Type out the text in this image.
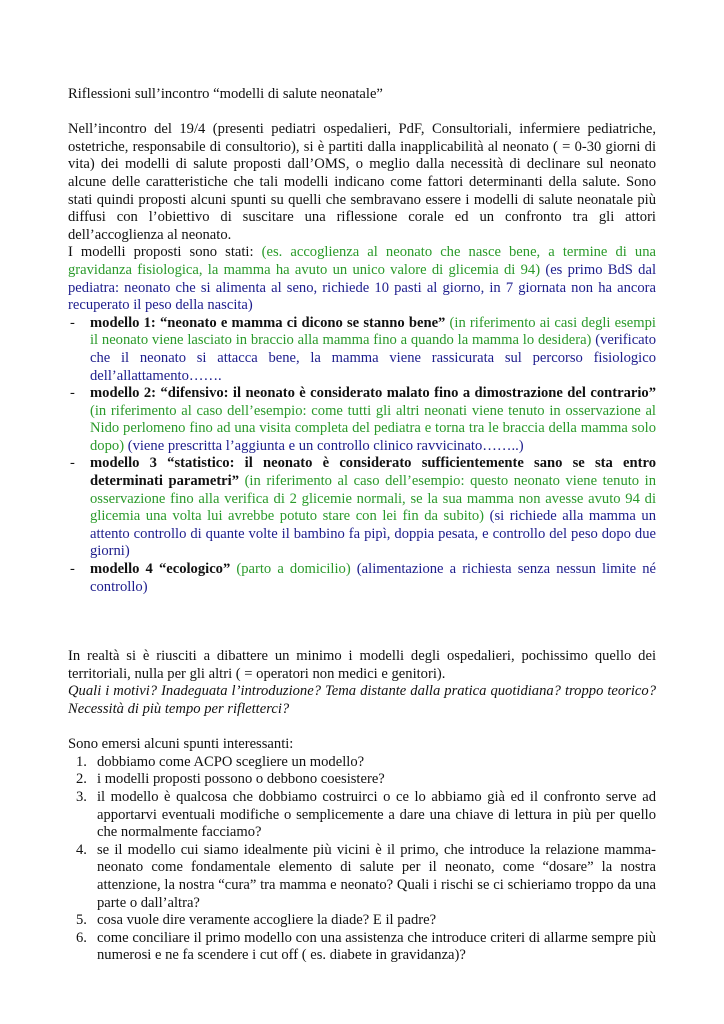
Riflessioni sull’incontro “modelli di salute neonatale”

Nell’incontro del 19/4 (presenti pediatri ospedalieri, PdF, Consultoriali, infermiere pediatriche, ostetriche, responsabile di consultorio), si è partiti dalla inapplicabilità al neonato ( = 0-30 giorni di vita) dei modelli di salute proposti dall’OMS, o meglio dalla necessità di declinare sul neonato alcune delle caratteristiche che tali modelli indicano come fattori determinanti della salute. Sono stati quindi proposti alcuni spunti su quelli che sembravano essere i modelli di salute neonatale più diffusi con l’obiettivo di suscitare una riflessione corale ed un confronto tra gli attori dell’accoglienza al neonato.

I modelli proposti sono stati: (es. accoglienza al neonato che nasce bene, a termine di una gravidanza fisiologica, la mamma ha avuto un unico valore di glicemia di 94) (es primo BdS dal pediatra: neonato che si alimenta al seno, richiede 10 pasti al giorno, in 7 giornata non ha ancora recuperato il peso della nascita)

- modello 1: “neonato e mamma ci dicono se stanno bene” (in riferimento ai casi degli esempi il neonato viene lasciato in braccio alla mamma fino a quando la mamma lo desidera) (verificato che il neonato si attacca bene, la mamma viene rassicurata sul percorso fisiologico dell’allattamento…….
- modello 2: “difensivo: il neonato è considerato malato fino a dimostrazione del contrario” (in riferimento al caso dell’esempio: come tutti gli altri neonati viene tenuto in osservazione al Nido perlomeno fino ad una visita completa del pediatra e torna tra le braccia della mamma solo dopo) (viene prescritta l’aggiunta e un controllo clinico ravvicinato……..)
- modello 3 “statistico: il neonato è considerato sufficientemente sano se sta entro determinati parametri” (in riferimento al caso dell’esempio: questo neonato viene tenuto in osservazione fino alla verifica di 2 glicemie normali, se la sua mamma non avesse avuto 94 di glicemia una volta lui avrebbe potuto stare con lei fin da subito) (si richiede alla mamma un attento controllo di quante volte il bambino fa pipì, doppia pesata, e controllo del peso dopo due giorni)
- modello 4 “ecologico” (parto a domicilio) (alimentazione a richiesta senza nessun limite né controllo)

In realtà si è riusciti a dibattere un minimo i modelli degli ospedalieri, pochissimo quello dei territoriali, nulla per gli altri ( = operatori non medici e genitori).

Quali i motivi? Inadeguata l’introduzione? Tema distante dalla pratica quotidiana? troppo teorico? Necessità di più tempo per rifletterci?

Sono emersi alcuni spunti interessanti:

1. dobbiamo come ACPO scegliere un modello?
2. i modelli proposti possono o debbono coesistere?
3. il modello è qualcosa che dobbiamo costruirci o ce lo abbiamo già ed il confronto serve ad apportarvi eventuali modifiche o semplicemente a dare una chiave di lettura in più per quello che normalmente facciamo?
4. se il modello cui siamo idealmente più vicini è il primo, che introduce la relazione mamma-neonato come fondamentale elemento di salute per il neonato, come “dosare” la nostra attenzione, la nostra “cura” tra mamma e neonato? Quali i rischi se ci schieriamo troppo da una parte o dall’altra?
5. cosa vuole dire veramente accogliere la diade? E il padre?
6. come conciliare il primo modello con una assistenza che introduce criteri di allarme sempre più numerosi e ne fa scendere i cut off ( es. diabete in gravidanza)?
